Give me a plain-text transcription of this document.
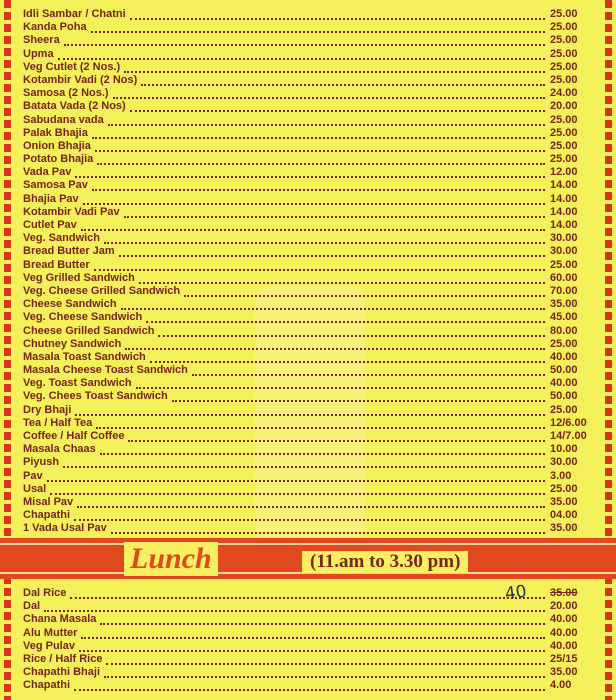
Idli Sambar / Chatni	25.00
Kanda Poha	25.00
Sheera	25.00
Upma	25.00
Veg Cutlet (2 Nos.)	25.00
Kotambir Vadi (2 Nos)	25.00
Samosa (2 Nos.)	24.00
Batata Vada (2 Nos)	20.00
Sabudana vada	25.00
Palak Bhajia	25.00
Onion Bhajia	25.00
Potato Bhajia	25.00
Vada Pav	12.00
Samosa Pav	14.00
Bhajia Pav	14.00
Kotambir Vadi Pav	14.00
Cutlet Pav	14.00
Veg. Sandwich	30.00
Bread Butter Jam	30.00
Bread Butter	25.00
Veg Grilled Sandwich	60.00
Veg. Cheese Grilled Sandwich	70.00
Cheese Sandwich	35.00
Veg. Cheese Sandwich	45.00
Cheese Grilled Sandwich	80.00
Chutney Sandwich	25.00
Masala Toast Sandwich	40.00
Masala Cheese Toast Sandwich	50.00
Veg. Toast Sandwich	40.00
Veg. Chees Toast Sandwich	50.00
Dry Bhaji	25.00
Tea / Half Tea	12/6.00
Coffee / Half Coffee	14/7.00
Masala Chaas	10.00
Piyush	30.00
Pav	3.00
Usal	25.00
Misal Pav	35.00
Chapathi	04.00
1 Vada Usal Pav	35.00
Lunch	(11.am to 3.30 pm)
Dal Rice	35.00
Dal	20.00
Chana Masala	40.00
Alu Mutter	40.00
Veg Pulav	40.00
Rice / Half Rice	25/15
Chapathi Bhaji	35.00
Chapathi	4.00
40
